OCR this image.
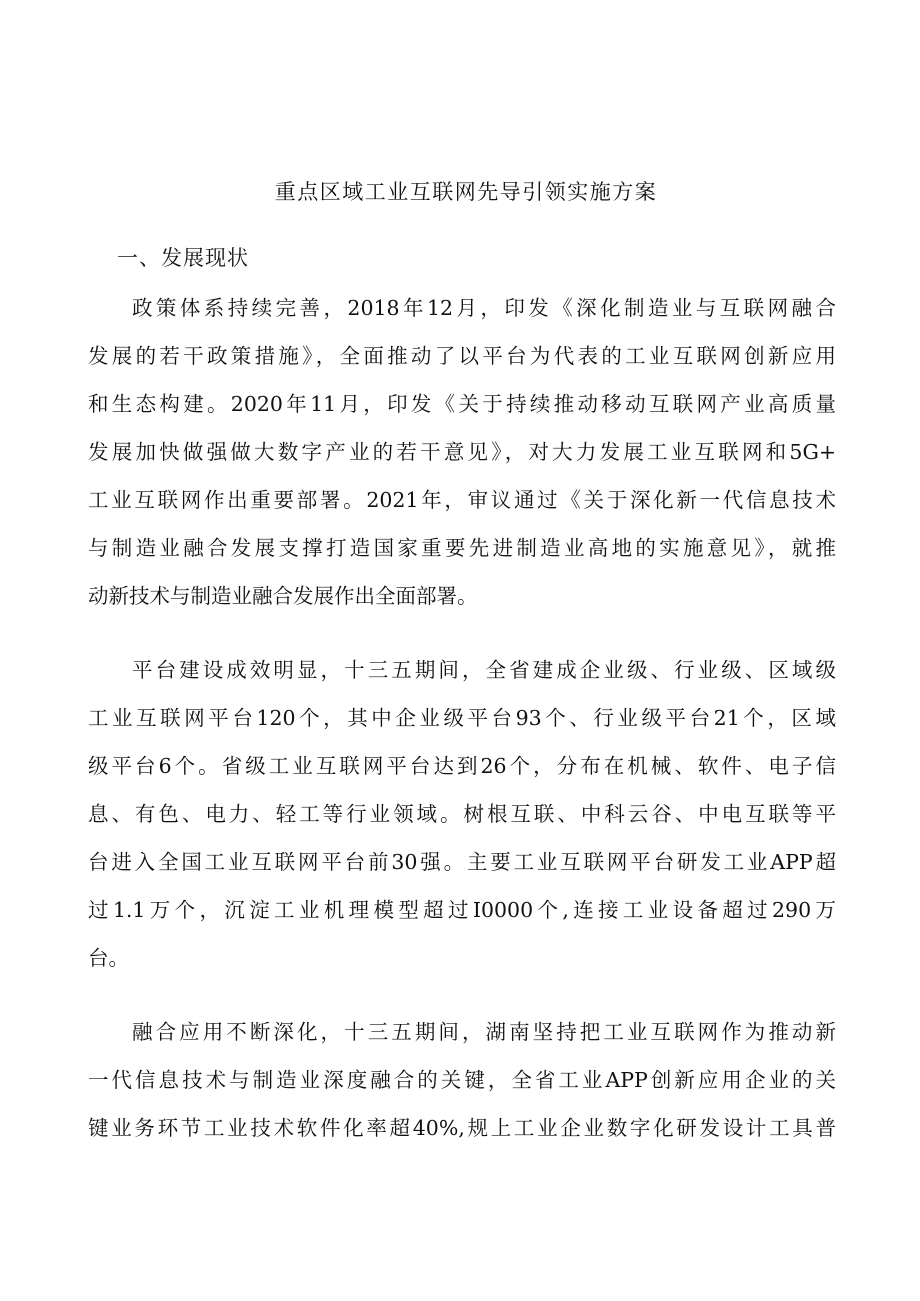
重点区域工业互联网先导引领实施方案
一、发展现状

政策体系持续完善，2018年12月，印发《深化制造业与互联网融合

发展的若干政策措施》，全面推动了以平台为代表的工业互联网创新应用

和生态构建。2020年11月，印发《关于持续推动移动互联网产业高质量

发展加快做强做大数字产业的若干意见》，对大力发展工业互联网和5G+

工业互联网作出重要部署。2021年，审议通过《关于深化新一代信息技术

与制造业融合发展支撑打造国家重要先进制造业高地的实施意见》，就推

动新技术与制造业融合发展作出全面部署。

平台建设成效明显，十三五期间，全省建成企业级、行业级、区域级

工业互联网平台120个，其中企业级平台93个、行业级平台21个，区域

级平台6个。省级工业互联网平台达到26个，分布在机械、软件、电子信

息、有色、电力、轻工等行业领域。树根互联、中科云谷、中电互联等平

台进入全国工业互联网平台前30强。主要工业互联网平台研发工业APP超

过1.1万个，沉淀工业机理模型超过I0000个,连接工业设备超过290万

台。

融合应用不断深化，十三五期间，湖南坚持把工业互联网作为推动新

一代信息技术与制造业深度融合的关键，全省工业APP创新应用企业的关

键业务环节工业技术软件化率超40%,规上工业企业数字化研发设计工具普
